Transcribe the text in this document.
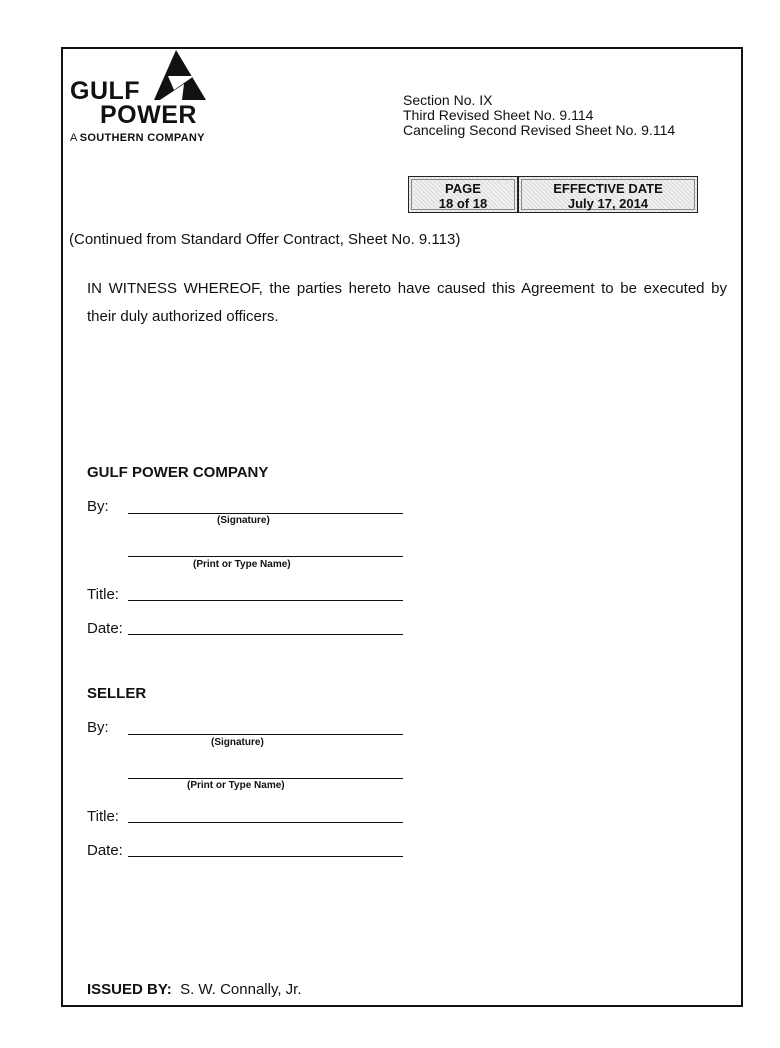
GULF
POWER
A SOUTHERN COMPANY
Section No. IX
Third Revised Sheet No. 9.114
Canceling Second Revised Sheet No. 9.114
PAGE
18 of 18
EFFECTIVE DATE
July 17, 2014
(Continued from Standard Offer Contract, Sheet No. 9.113)
IN WITNESS WHEREOF, the parties hereto have caused this Agreement to be executed by their duly authorized officers.
GULF POWER COMPANY
By:
(Signature)
(Print or Type Name)
Title:
Date:
SELLER
By:
(Signature)
(Print or Type Name)
Title:
Date:
ISSUED BY: S. W. Connally, Jr.
